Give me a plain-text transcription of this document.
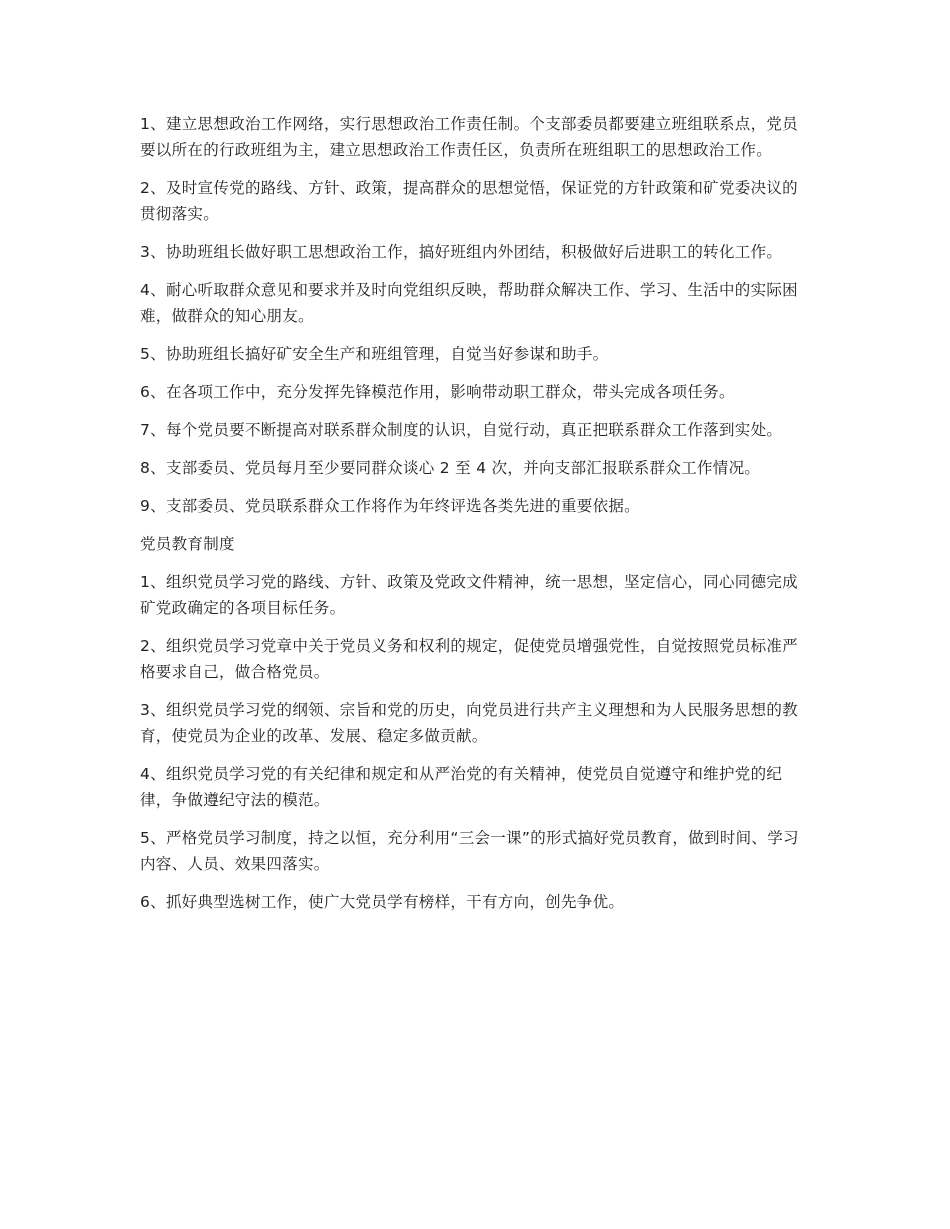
1、建立思想政治工作网络，实行思想政治工作责任制。个支部委员都要建立班组联系点，党员要以所在的行政班组为主，建立思想政治工作责任区，负责所在班组职工的思想政治工作。

2、及时宣传党的路线、方针、政策，提高群众的思想觉悟，保证党的方针政策和矿党委决议的贯彻落实。

3、协助班组长做好职工思想政治工作，搞好班组内外团结，积极做好后进职工的转化工作。

4、耐心听取群众意见和要求并及时向党组织反映，帮助群众解决工作、学习、生活中的实际困难，做群众的知心朋友。

5、协助班组长搞好矿安全生产和班组管理，自觉当好参谋和助手。

6、在各项工作中，充分发挥先锋模范作用，影响带动职工群众，带头完成各项任务。

7、每个党员要不断提高对联系群众制度的认识，自觉行动，真正把联系群众工作落到实处。

8、支部委员、党员每月至少要同群众谈心 2 至 4 次，并向支部汇报联系群众工作情况。

9、支部委员、党员联系群众工作将作为年终评选各类先进的重要依据。

党员教育制度

1、组织党员学习党的路线、方针、政策及党政文件精神，统一思想，坚定信心，同心同德完成矿党政确定的各项目标任务。

2、组织党员学习党章中关于党员义务和权利的规定，促使党员增强党性，自觉按照党员标准严格要求自己，做合格党员。

3、组织党员学习党的纲领、宗旨和党的历史，向党员进行共产主义理想和为人民服务思想的教育，使党员为企业的改革、发展、稳定多做贡献。

4、组织党员学习党的有关纪律和规定和从严治党的有关精神，使党员自觉遵守和维护党的纪律，争做遵纪守法的模范。

5、严格党员学习制度，持之以恒，充分利用“三会一课”的形式搞好党员教育，做到时间、学习内容、人员、效果四落实。

6、抓好典型选树工作，使广大党员学有榜样，干有方向，创先争优。
